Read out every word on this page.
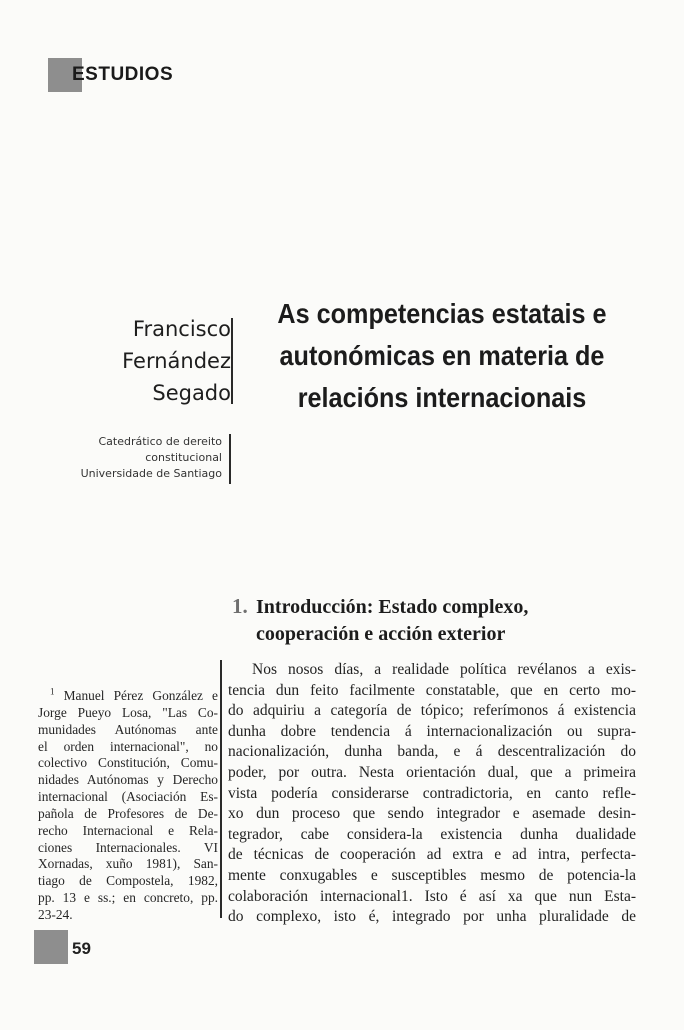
ESTUDIOS
Francisco
Fernández
Segado
As competencias estatais e
autonómicas en materia de
relacións internacionais
Catedrático de dereito
constitucional
Universidade de Santiago
1. Introducción: Estado complexo,
cooperación e acción exterior
Nos nosos días, a realidade política revélanos a exis-
tencia dun feito facilmente constatable, que en certo mo-
do adquiriu a categoría de tópico; referímonos á existencia
dunha dobre tendencia á internacionalización ou supra-
nacionalización, dunha banda, e á descentralización do
poder, por outra. Nesta orientación dual, que a primeira
vista podería considerarse contradictoria, en canto refle-
xo dun proceso que sendo integrador e asemade desin-
tegrador, cabe considera-la existencia dunha dualidade
de técnicas de cooperación ad extra e ad intra, perfecta-
mente conxugables e susceptibles mesmo de potencia-la
colaboración internacional1. Isto é así xa que nun Esta-
do complexo, isto é, integrado por unha pluralidade de
$^1$ Manuel Pérez González e
Jorge Pueyo Losa, "Las Co-
munidades Autónomas ante
el orden internacional", no
colectivo Constitución, Comu-
nidades Autónomas y Derecho
internacional (Asociación Es-
pañola de Profesores de De-
recho Internacional e Rela-
ciones Internacionales. VI
Xornadas, xuño 1981), San-
tiago de Compostela, 1982,
pp. 13 e ss.; en concreto, pp.
23-24.
59
